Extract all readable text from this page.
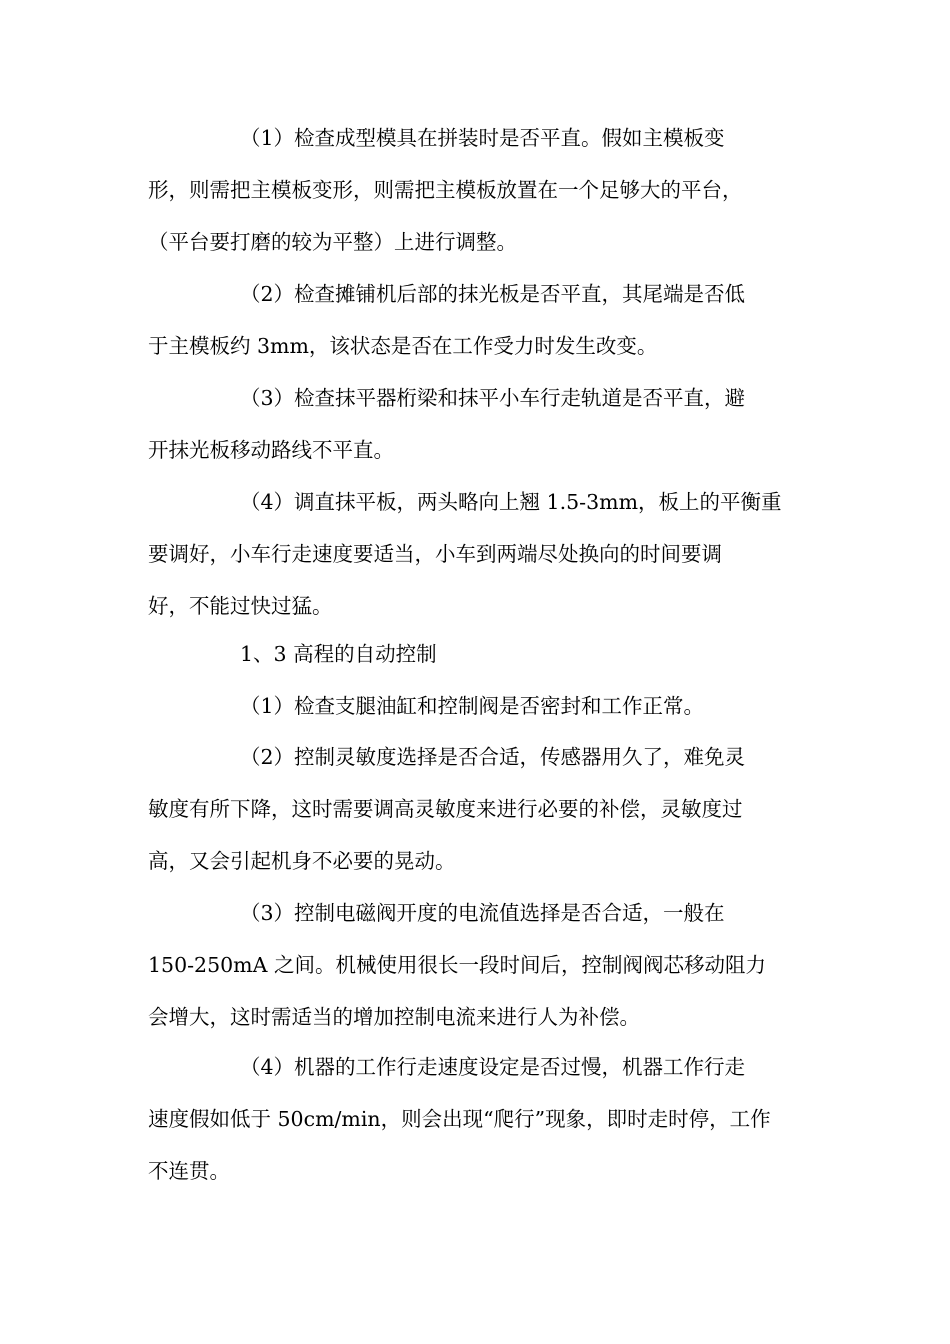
（1）检查成型模具在拼装时是否平直。假如主模板变
形，则需把主模板变形，则需把主模板放置在一个足够大的平台，
（平台要打磨的较为平整）上进行调整。
（2）检查摊铺机后部的抹光板是否平直，其尾端是否低
于主模板约 3mm，该状态是否在工作受力时发生改变。
（3）检查抹平器桁梁和抹平小车行走轨道是否平直，避
开抹光板移动路线不平直。
（4）调直抹平板，两头略向上翘 1.5-3mm，板上的平衡重
要调好，小车行走速度要适当，小车到两端尽处换向的时间要调
好，不能过快过猛。
1、3 高程的自动控制
（1）检查支腿油缸和控制阀是否密封和工作正常。
（2）控制灵敏度选择是否合适，传感器用久了，难免灵
敏度有所下降，这时需要调高灵敏度来进行必要的补偿，灵敏度过
高，又会引起机身不必要的晃动。
（3）控制电磁阀开度的电流值选择是否合适，一般在
150-250mA 之间。机械使用很长一段时间后，控制阀阀芯移动阻力
会增大，这时需适当的增加控制电流来进行人为补偿。
（4）机器的工作行走速度设定是否过慢，机器工作行走
速度假如低于 50cm/min，则会出现“爬行”现象，即时走时停，工作
不连贯。
